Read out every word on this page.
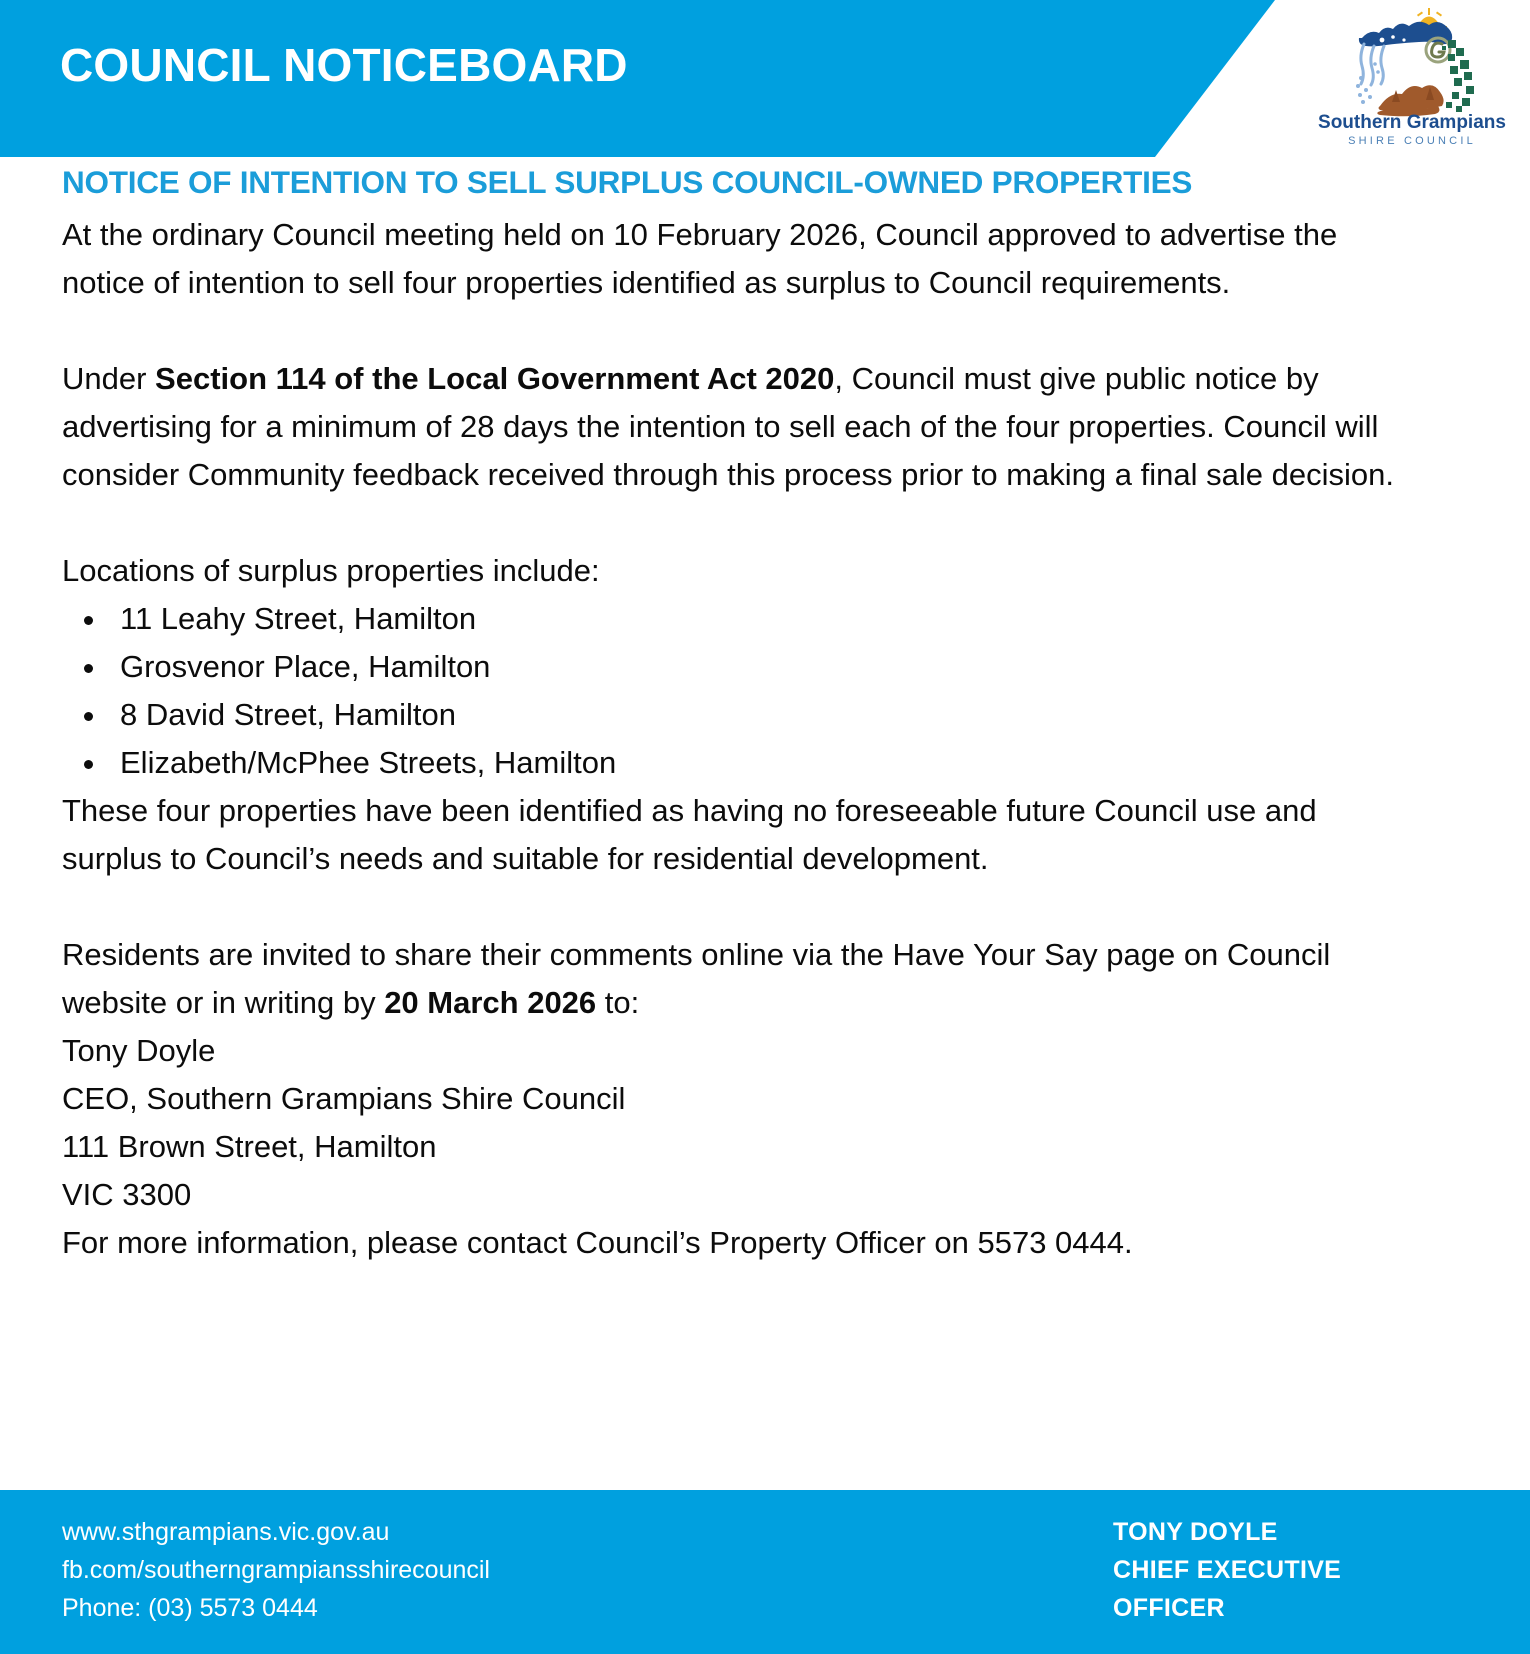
COUNCIL NOTICEBOARD
Southern Grampians
SHIRE COUNCIL
NOTICE OF INTENTION TO SELL SURPLUS COUNCIL-OWNED PROPERTIES

At the ordinary Council meeting held on 10 February 2026, Council approved to advertise the notice of intention to sell four properties identified as surplus to Council requirements.

Under Section 114 of the Local Government Act 2020, Council must give public notice by advertising for a minimum of 28 days the intention to sell each of the four properties. Council will consider Community feedback received through this process prior to making a final sale decision.

Locations of surplus properties include:

11 Leahy Street, Hamilton
Grosvenor Place, Hamilton
8 David Street, Hamilton
Elizabeth/McPhee Streets, Hamilton

These four properties have been identified as having no foreseeable future Council use and surplus to Council’s needs and suitable for residential development.

Residents are invited to share their comments online via the Have Your Say page on Council website or in writing by 20 March 2026 to:

Tony Doyle

CEO, Southern Grampians Shire Council

111 Brown Street, Hamilton

VIC 3300

For more information, please contact Council’s Property Officer on 5573 0444.

www.sthgrampians.vic.gov.au
fb.com/southerngrampiansshirecouncil
Phone: (03) 5573 0444
TONY DOYLE
CHIEF EXECUTIVE
OFFICER
